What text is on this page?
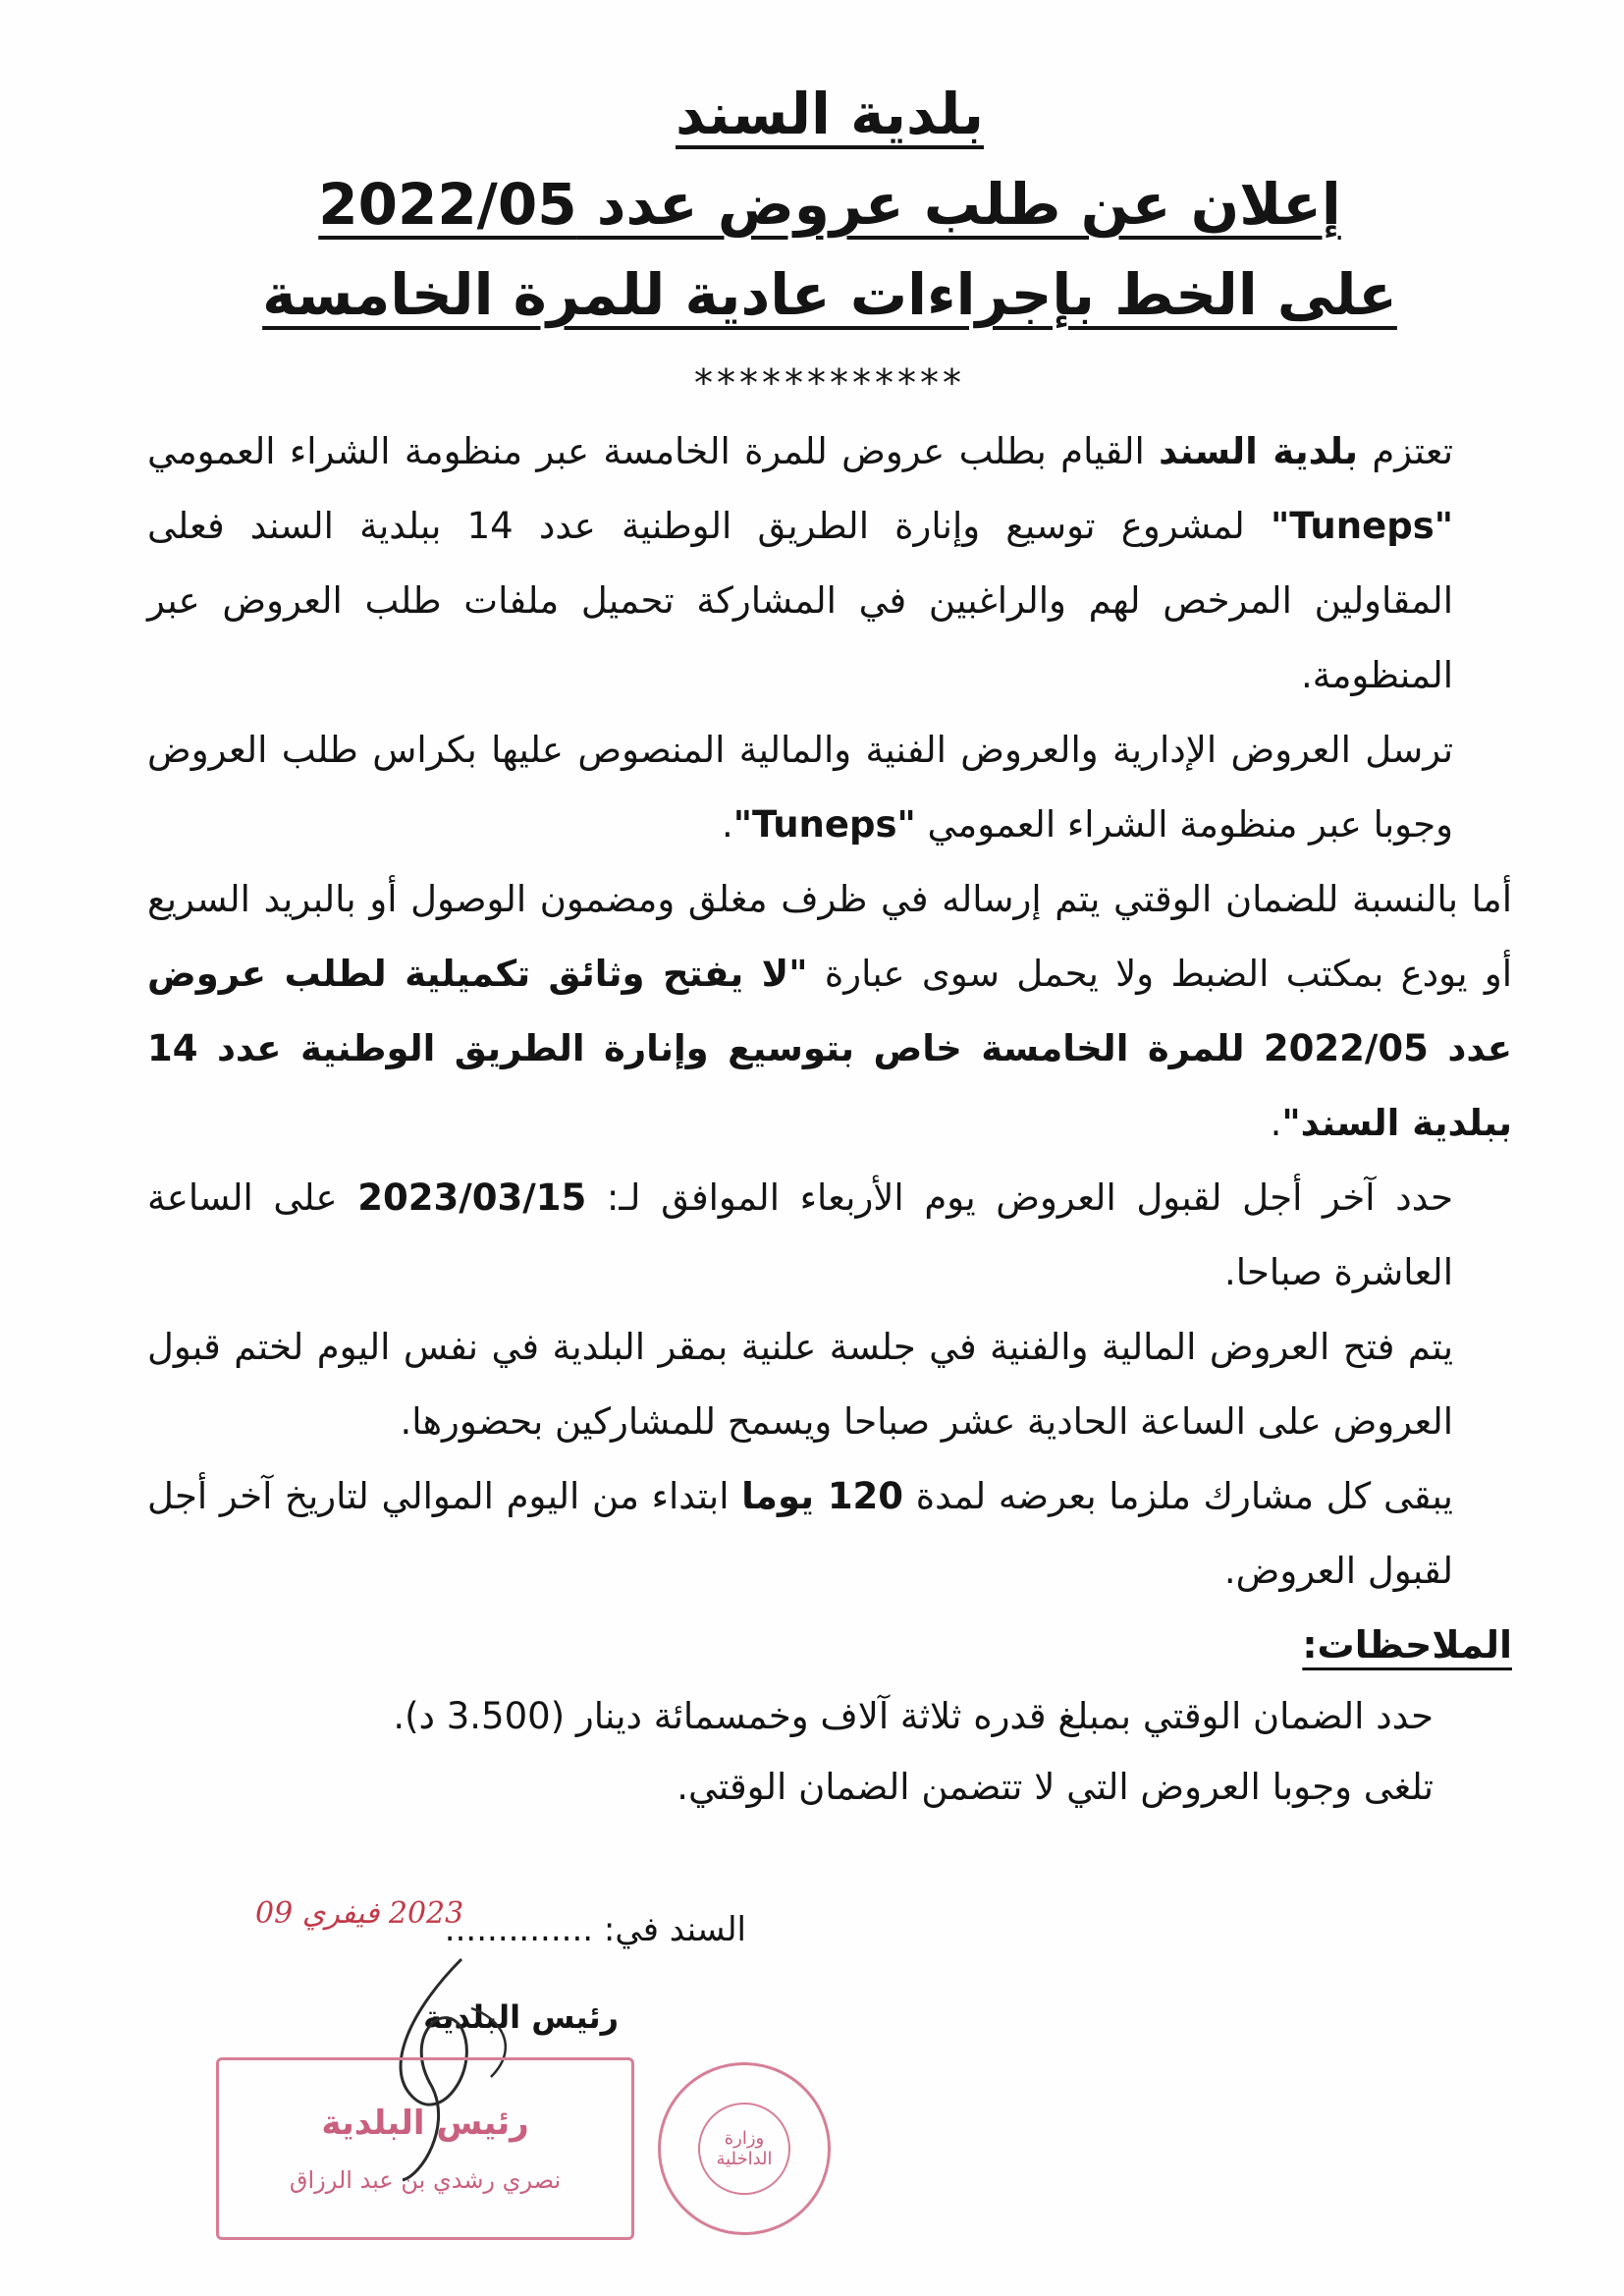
بلدية السند
إعلان عن طلب عروض عدد 2022/05
على الخط بإجراءات عادية للمرة الخامسة
************

تعتزم بلدية السند القيام بطلب عروض للمرة الخامسة عبر منظومة الشراء العمومي "Tuneps" لمشروع توسيع وإنارة الطريق الوطنية عدد 14 ببلدية السند فعلى المقاولين المرخص لهم والراغبين في المشاركة تحميل ملفات طلب العروض عبر المنظومة.

ترسل العروض الإدارية والعروض الفنية والمالية المنصوص عليها بكراس طلب العروض وجوبا عبر منظومة الشراء العمومي "Tuneps".

أما بالنسبة للضمان الوقتي يتم إرساله في ظرف مغلق ومضمون الوصول أو بالبريد السريع أو يودع بمكتب الضبط ولا يحمل سوى عبارة "لا يفتح وثائق تكميلية لطلب عروض عدد 2022/05 للمرة الخامسة خاص بتوسيع وإنارة الطريق الوطنية عدد 14 ببلدية السند".

حدد آخر أجل لقبول العروض يوم الأربعاء الموافق لـ: 2023/03/15 على الساعة العاشرة صباحا.

يتم فتح العروض المالية والفنية في جلسة علنية بمقر البلدية في نفس اليوم لختم قبول العروض على الساعة الحادية عشر صباحا ويسمح للمشاركين بحضورها.

يبقى كل مشارك ملزما بعرضه لمدة 120 يوما ابتداء من اليوم الموالي لتاريخ آخر أجل لقبول العروض.

الملاحظات:

حدد الضمان الوقتي بمبلغ قدره ثلاثة آلاف وخمسمائة دينار (3.500 د).

تلغى وجوبا العروض التي لا تتضمن الضمان الوقتي.

السند في: ..............
2023 فيفري 09
رئيس البلدية
رئيس البلدية
نصري رشدي بن عبد الرزاق
وزارة الداخلية
